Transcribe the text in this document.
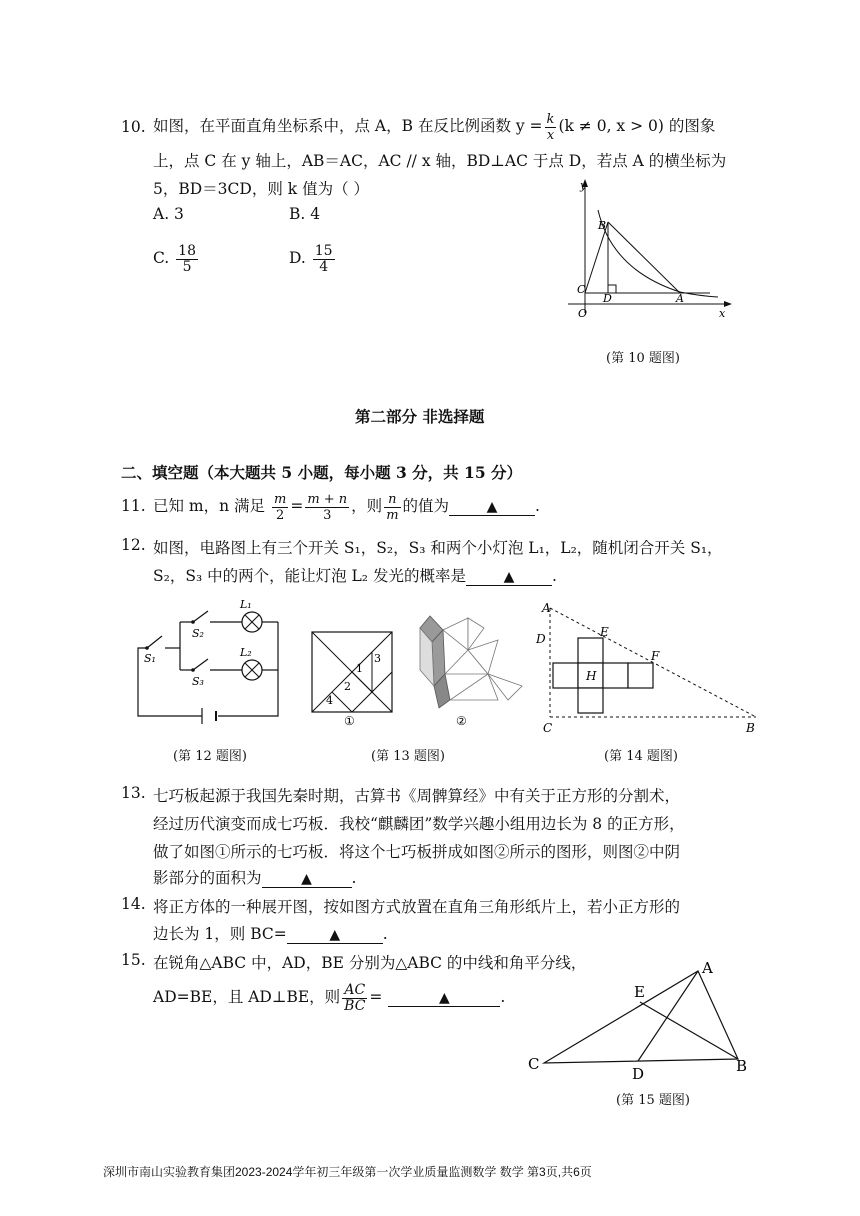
10. 如图，在平面直角坐标系中，点 A，B 在反比例函数 $y = \frac{k}{x} (k \ne 0$, x > 0) 的图象
上，点 C 在 y 轴上，AB＝AC，AC // x 轴，BD⊥AC 于点 D，若点 A 的横坐标为
5，BD＝3CD，则 k 值为（ ）
A. 3	B. 4
C. $\frac{18}{5}$	D. $\frac{15}{4}$
y
x
B
C
D	A
O
(第 10 题图)
第二部分 非选择题
二、填空题（本大题共 5 小题，每小题 3 分，共 15 分）
11. 已知 m，n 满足 $\frac{m}{2} = \frac{m + n}{3}$ ，则 $\frac{n}{m}$ 的值为	▲ .
12. 如图，电路图上有三个开关 S₁，S₂，S₃ 和两个小灯泡 L₁，L₂，随机闭合开关 S₁，
S₂，S₃ 中的两个，能让灯泡 L₂ 发光的概率是	▲ .
S₁
S₂
S₃
L₁
L₂
(第 12 题图)
1
2
3
4
①	②
(第 13 题图)
A
D	E
F
H
C	B
(第 14 题图)
13. 七巧板起源于我国先秦时期，古算书《周髀算经》中有关于正方形的分割术，
经过历代演变而成七巧板．我校“麒麟团”数学兴趣小组用边长为 8 的正方形，
做了如图①所示的七巧板．将这个七巧板拼成如图②所示的图形，则图②中阴
影部分的面积为	▲	.
14. 将正方体的一种展开图，按如图方式放置在直角三角形纸片上，若小正方形的
边长为 1，则 BC=	▲	.
15. 在锐角△ABC 中，AD，BE 分别为△ABC 的中线和角平分线，
AD=BE，且 AD⊥BE，则 $\frac{AC}{BC}$ =	▲	.
A
E
C
D	B
(第 15 题图)
深圳市南山实验教育集团2023-2024学年初三年级第一次学业质量监测数学 数学 第3页,共6页
